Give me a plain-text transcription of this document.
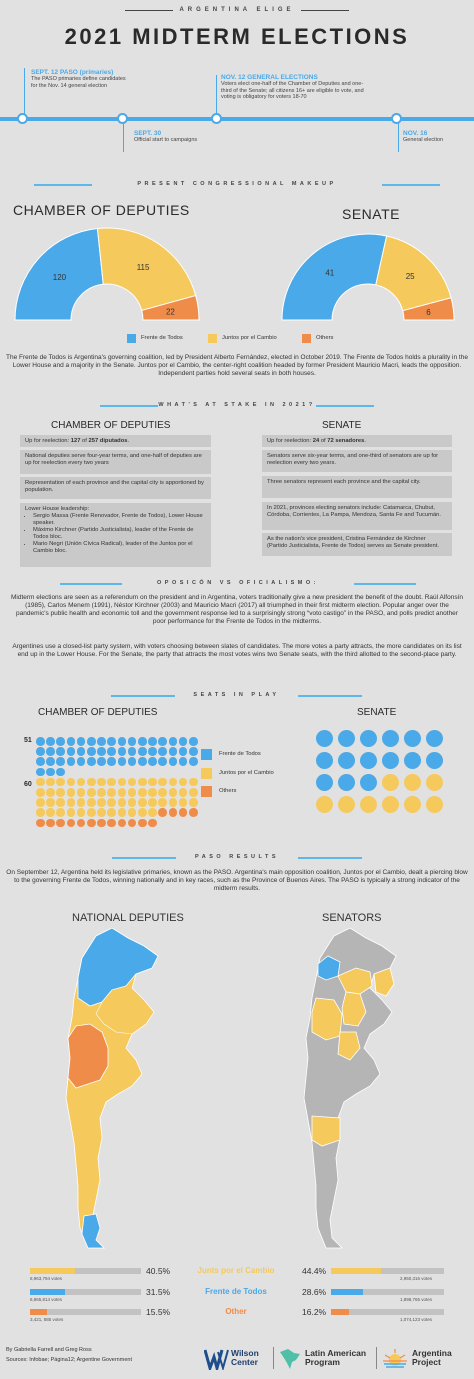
ARGENTINA ELIGE
2021 MIDTERM ELECTIONS
SEPT. 12 PASO (primaries)
The PASO primaries define candidates for the Nov. 14 general election
SEPT. 30
Official start to campaigns
NOV. 12 GENERAL ELECTIONS
Voters elect one-half of the Chamber of Deputies and one-third of the Senate; all citizens 16+ are eligible to vote, and voting is obligatory for voters 18-70
NOV. 16
General election
PRESENT CONGRESSIONAL MAKEUP
CHAMBER OF DEPUTIES	SENATE
120
115
22
41	25
6
Frente de Todos	Juntos por el Cambio	Others
The Frente de Todos is Argentina's governing coalition, led by President Alberto Fernández, elected in October 2019. The Frente de Todos holds a plurality in the Lower House and a majority in the Senate. Juntos por el Cambio, the center-right coalition headed by former President Mauricio Macri, leads the opposition. Independent parties hold several seats in both houses.
WHAT'S AT STAKE IN 2021?
CHAMBER OF DEPUTIES	SENATE
Up for reelection: 127 of 257 diputados.
National deputies serve four-year terms, and one-half of deputies are up for reelection every two years
Representation of each province and the capital city is apportioned by population.
Lower House leadership:
• Sergio Massa (Frente Renovador, Frente de Todos), Lower House speaker.
• Máximo Kirchner (Partido Justicialista), leader of the Frente de Todos bloc.
• Mario Negri (Unión Cívica Radical), leader of the Juntos por el Cambio bloc.
Up for reelection: 24 of 72 senadores.
Senators serve six-year terms, and one-third of senators are up for reelection every two years.
Three senators represent each province and the capital city.
In 2021, provinces electing senators include: Catamarca, Chubut, Córdoba, Corrientes, La Pampa, Mendoza, Santa Fe and Tucumán.
As the nation's vice president, Cristina Fernández de Kirchner (Partido Justicialista, Frente de Todos) serves as Senate president.
OPOSICÓN VS OFICIALISMO:
Midterm elections are seen as a referendum on the president and in Argentina, voters traditionally give a new president the benefit of the doubt. Raúl Alfonsín (1985), Carlos Menem (1991), Néstor Kirchner (2003) and Mauricio Macri (2017) all triumphed in their first midterm election. Popular anger over the pandemic's public health and economic toll and the government response led to a surprisingly strong “voto castigo” in the PASO, and polls predict another poor performance for the Frente de Todos in the midterms.
Argentines use a closed-list party system, with voters choosing between slates of candidates. The more votes a party attracts, the more candidates on its list end up in the Lower House. For the Senate, the party that attracts the most votes wins two Senate seats, with the third allotted to the second-place party.
SEATS IN PLAY
CHAMBER OF DEPUTIES	SENATE
51
60
Frente de Todos
Juntos por el Cambio
Others
PASO RESULTS
On September 12, Argentina held its legislative primaries, known as the PASO. Argentina's main opposition coalition, Juntos por el Cambio, dealt a piercing blow to the governing Frente de Todos, winning nationally and in key races, such as the Province of Buenos Aires. The PASO is typically a strong indicator of the midterm results.
NATIONAL DEPUTIES	SENATORS
8,963,794 votes
40.5%	Junts por el Cambio	44.4%
2,950,316 votes
6,965,814 votes
31.5%	Frente de Todos	28.6%
1,898,765 votes
3,421, 885 votes
15.5%	Other	16.2%
1,074,123 votes
By Gabriella Farrell and Greg Ross
Sources: Infobae; Página12; Argentine Government
Wilson
Center
Latin American
Program
Argentina
Project
